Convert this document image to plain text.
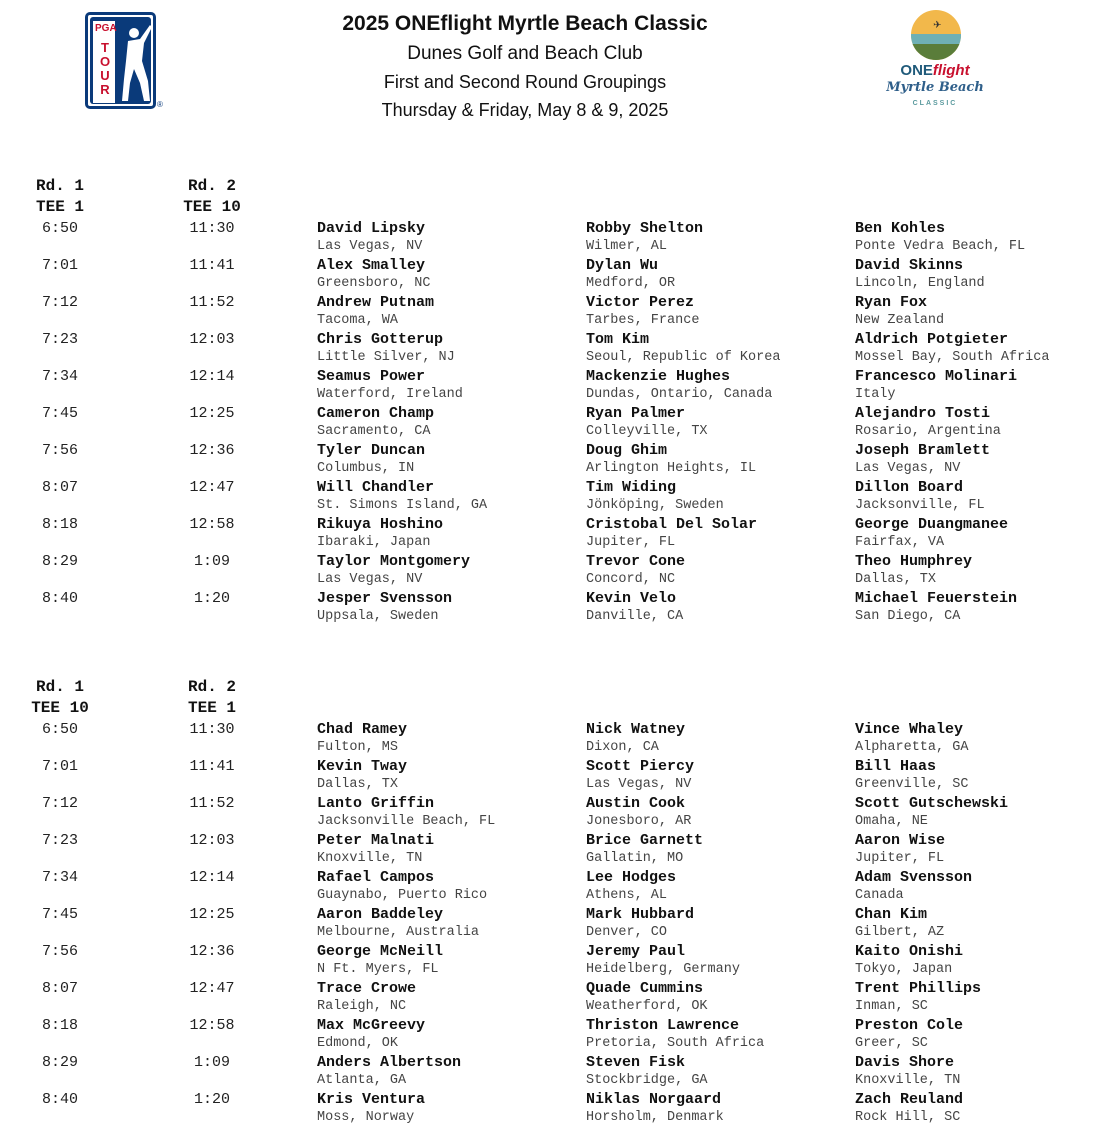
PGA
T
O
U
R
®

2025 ONEflight Myrtle Beach Classic

Dunes Golf and Beach Club

First and Second Round Groupings

Thursday & Friday, May 8 & 9, 2025

✈
ONEflight
Myrtle Beach
CLASSIC
Rd. 1
TEE 1
Rd. 2
TEE 10
6:50	11:30	David Lipsky
Las Vegas, NV
Robby Shelton
Wilmer, AL
Ben Kohles
Ponte Vedra Beach, FL
7:01	11:41	Alex Smalley
Greensboro, NC
Dylan Wu
Medford, OR
David Skinns
Lincoln, England
7:12	11:52	Andrew Putnam
Tacoma, WA
Victor Perez
Tarbes, France
Ryan Fox
New Zealand
7:23	12:03	Chris Gotterup
Little Silver, NJ
Tom Kim
Seoul, Republic of Korea
Aldrich Potgieter
Mossel Bay, South Africa
7:34	12:14	Seamus Power
Waterford, Ireland
Mackenzie Hughes
Dundas, Ontario, Canada
Francesco Molinari
Italy
7:45	12:25	Cameron Champ
Sacramento, CA
Ryan Palmer
Colleyville, TX
Alejandro Tosti
Rosario, Argentina
7:56	12:36	Tyler Duncan
Columbus, IN
Doug Ghim
Arlington Heights, IL
Joseph Bramlett
Las Vegas, NV
8:07	12:47	Will Chandler
St. Simons Island, GA
Tim Widing
Jönköping, Sweden
Dillon Board
Jacksonville, FL
8:18	12:58	Rikuya Hoshino
Ibaraki, Japan
Cristobal Del Solar
Jupiter, FL
George Duangmanee
Fairfax, VA
8:29	1:09	Taylor Montgomery
Las Vegas, NV
Trevor Cone
Concord, NC
Theo Humphrey
Dallas, TX
8:40	1:20	Jesper Svensson
Uppsala, Sweden
Kevin Velo
Danville, CA
Michael Feuerstein
San Diego, CA
Rd. 1
TEE 10
Rd. 2
TEE 1
6:50	11:30	Chad Ramey
Fulton, MS
Nick Watney
Dixon, CA
Vince Whaley
Alpharetta, GA
7:01	11:41	Kevin Tway
Dallas, TX
Scott Piercy
Las Vegas, NV
Bill Haas
Greenville, SC
7:12	11:52	Lanto Griffin
Jacksonville Beach, FL
Austin Cook
Jonesboro, AR
Scott Gutschewski
Omaha, NE
7:23	12:03	Peter Malnati
Knoxville, TN
Brice Garnett
Gallatin, MO
Aaron Wise
Jupiter, FL
7:34	12:14	Rafael Campos
Guaynabo, Puerto Rico
Lee Hodges
Athens, AL
Adam Svensson
Canada
7:45	12:25	Aaron Baddeley
Melbourne, Australia
Mark Hubbard
Denver, CO
Chan Kim
Gilbert, AZ
7:56	12:36	George McNeill
N Ft. Myers, FL
Jeremy Paul
Heidelberg, Germany
Kaito Onishi
Tokyo, Japan
8:07	12:47	Trace Crowe
Raleigh, NC
Quade Cummins
Weatherford, OK
Trent Phillips
Inman, SC
8:18	12:58	Max McGreevy
Edmond, OK
Thriston Lawrence
Pretoria, South Africa
Preston Cole
Greer, SC
8:29	1:09	Anders Albertson
Atlanta, GA
Steven Fisk
Stockbridge, GA
Davis Shore
Knoxville, TN
8:40	1:20	Kris Ventura
Moss, Norway
Niklas Norgaard
Horsholm, Denmark
Zach Reuland
Rock Hill, SC
